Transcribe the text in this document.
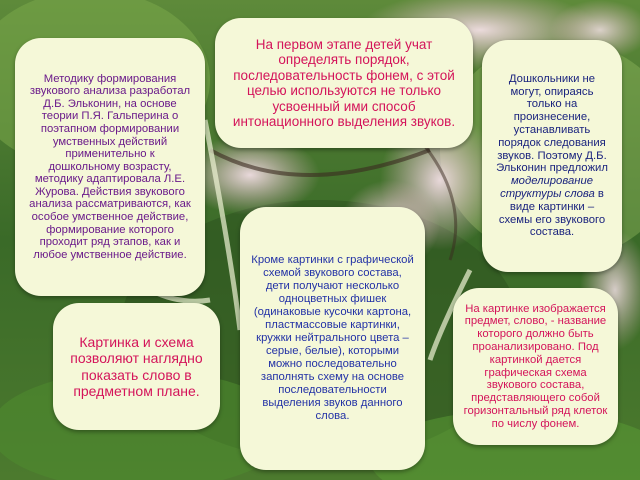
Методику формирования звукового анализа разработал Д.Б. Эльконин, на основе теории П.Я. Гальперина о поэтапном формировании умственных действий применительно к дошкольному возрасту, методику адаптировала Л.Е. Журова. Действия звукового анализа рассматриваются, как особое умственное действие, формирование которого проходит ряд этапов, как и любое умственное действие.

На первом этапе детей учат определять порядок, последовательность фонем, с этой целью используются не только усвоенный ими способ интонационного выделения звуков.

Дошкольники не могут, опираясь только на произнесение, устанавливать порядок следования звуков. Поэтому Д.Б. Эльконин предложил моделирование структуры слова в виде картинки – схемы его звукового состава.

Картинка и схема позволяют наглядно показать слово в предметном плане.

Кроме картинки с графической схемой звукового состава, дети получают несколько одноцветных фишек (одинаковые кусочки картона, пластмассовые картинки, кружки нейтрального цвета – серые, белые), которыми можно последовательно заполнять схему на основе последовательности выделения звуков данного слова.

На картинке изображается предмет, слово, - название которого должно быть проанализировано. Под картинкой дается графическая схема звукового состава, представляющего собой горизонтальный ряд клеток по числу фонем.
